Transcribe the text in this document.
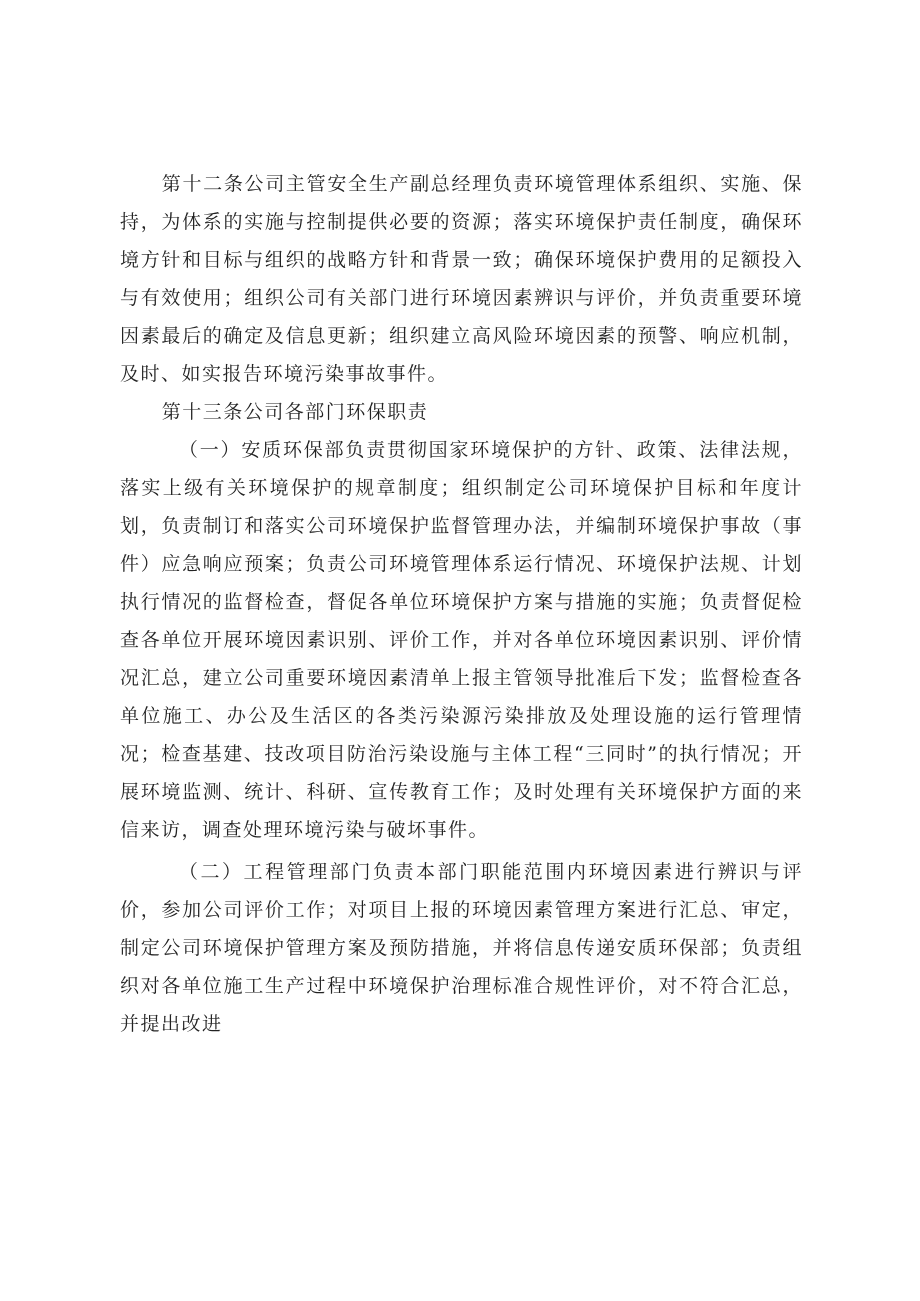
第十二条公司主管安全生产副总经理负责环境管理体系组织、实施、保持，为体系的实施与控制提供必要的资源；落实环境保护责任制度，确保环境方针和目标与组织的战略方针和背景一致；确保环境保护费用的足额投入与有效使用；组织公司有关部门进行环境因素辨识与评价，并负责重要环境因素最后的确定及信息更新；组织建立高风险环境因素的预警、响应机制，及时、如实报告环境污染事故事件。

第十三条公司各部门环保职责

（一）安质环保部负责贯彻国家环境保护的方针、政策、法律法规，落实上级有关环境保护的规章制度；组织制定公司环境保护目标和年度计划，负责制订和落实公司环境保护监督管理办法，并编制环境保护事故（事件）应急响应预案；负责公司环境管理体系运行情况、环境保护法规、计划执行情况的监督检查，督促各单位环境保护方案与措施的实施；负责督促检查各单位开展环境因素识别、评价工作，并对各单位环境因素识别、评价情况汇总，建立公司重要环境因素清单上报主管领导批准后下发；监督检查各单位施工、办公及生活区的各类污染源污染排放及处理设施的运行管理情况；检查基建、技改项目防治污染设施与主体工程“三同时”的执行情况；开展环境监测、统计、科研、宣传教育工作；及时处理有关环境保护方面的来信来访，调查处理环境污染与破坏事件。

（二）工程管理部门负责本部门职能范围内环境因素进行辨识与评价，参加公司评价工作；对项目上报的环境因素管理方案进行汇总、审定，制定公司环境保护管理方案及预防措施，并将信息传递安质环保部；负责组织对各单位施工生产过程中环境保护治理标准合规性评价，对不符合汇总，并提出改进
